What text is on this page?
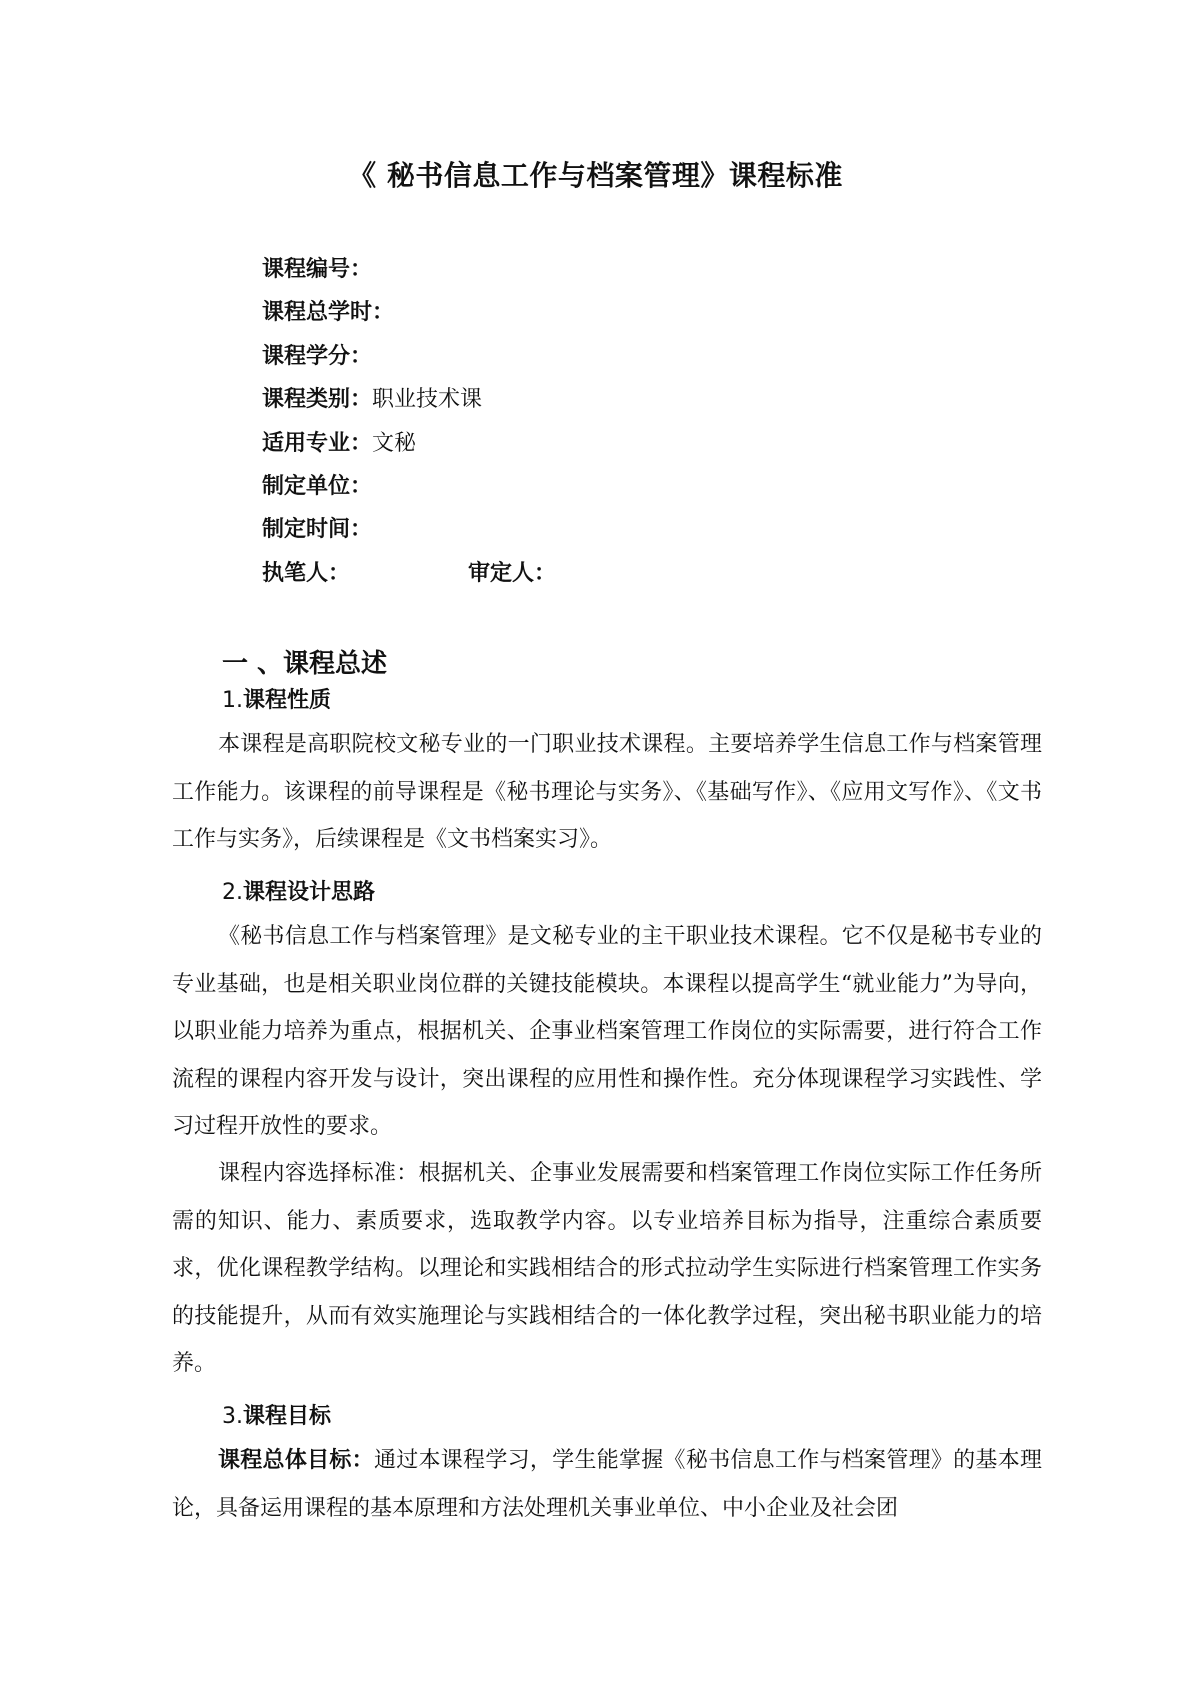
《 秘书信息工作与档案管理》课程标准
课程编号：
课程总学时：
课程学分：
课程类别：职业技术课
适用专业：文秘
制定单位：
制定时间：
执笔人：	审定人：
一 、课程总述
1.课程性质

本课程是高职院校文秘专业的一门职业技术课程。主要培养学生信息工作与档案管理工作能力。该课程的前导课程是《秘书理论与实务》、《基础写作》、《应用文写作》、《文书工作与实务》，后续课程是《文书档案实习》。

2.课程设计思路

《秘书信息工作与档案管理》是文秘专业的主干职业技术课程。它不仅是秘书专业的专业基础，也是相关职业岗位群的关键技能模块。本课程以提高学生“就业能力”为导向，以职业能力培养为重点，根据机关、企事业档案管理工作岗位的实际需要，进行符合工作流程的课程内容开发与设计，突出课程的应用性和操作性。充分体现课程学习实践性、学习过程开放性的要求。

课程内容选择标准：根据机关、企事业发展需要和档案管理工作岗位实际工作任务所需的知识、能力、素质要求，选取教学内容。以专业培养目标为指导，注重综合素质要求，优化课程教学结构。以理论和实践相结合的形式拉动学生实际进行档案管理工作实务的技能提升，从而有效实施理论与实践相结合的一体化教学过程，突出秘书职业能力的培养。

3.课程目标

课程总体目标：通过本课程学习，学生能掌握《秘书信息工作与档案管理》的基本理论，具备运用课程的基本原理和方法处理机关事业单位、中小企业及社会团
